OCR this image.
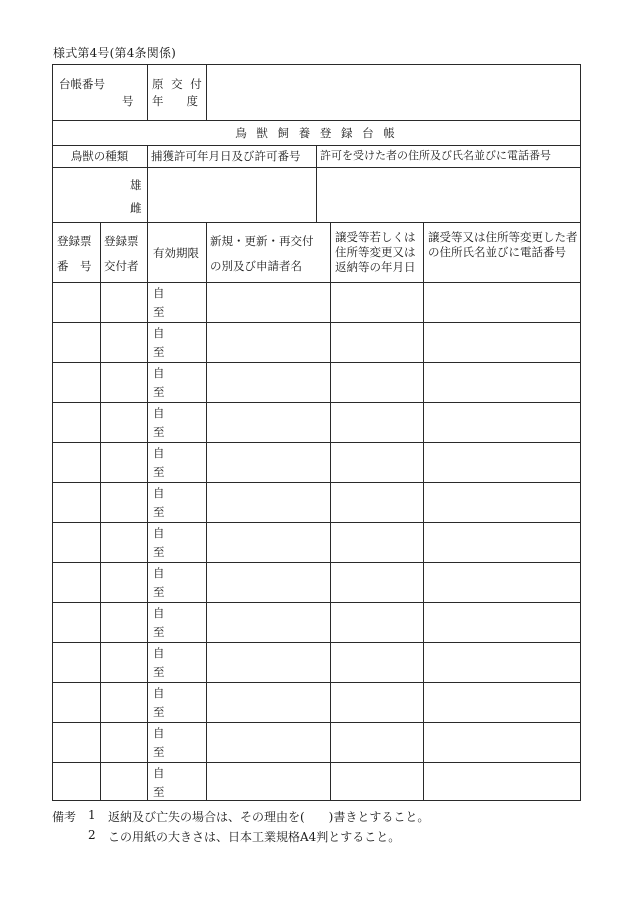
様式第4号(第4条関係)
台帳番号
号
原 交 付
年　　度
鳥 獣 飼 養 登 録 台 帳
鳥獣の種類	捕獲許可年月日及び許可番号 許可を受けた者の住所及び氏名並びに電話番号
雄
雌
登録票
番　号
登録票
交付者
有効期限
新規・更新・再交付
の別及び申請者名
譲受等若しくは住所等変更又は返納等の年月日
譲受等又は住所等変更した者の住所氏名並びに電話番号
自
至
自
至
自
至
自
至
自
至
自
至
自
至
自
至
自
至
自
至
自
至
自
至
自
至
備考 1 返納及び亡失の場合は、その理由を(　　)書きとすること。
2 この用紙の大きさは、日本工業規格A4判とすること。
